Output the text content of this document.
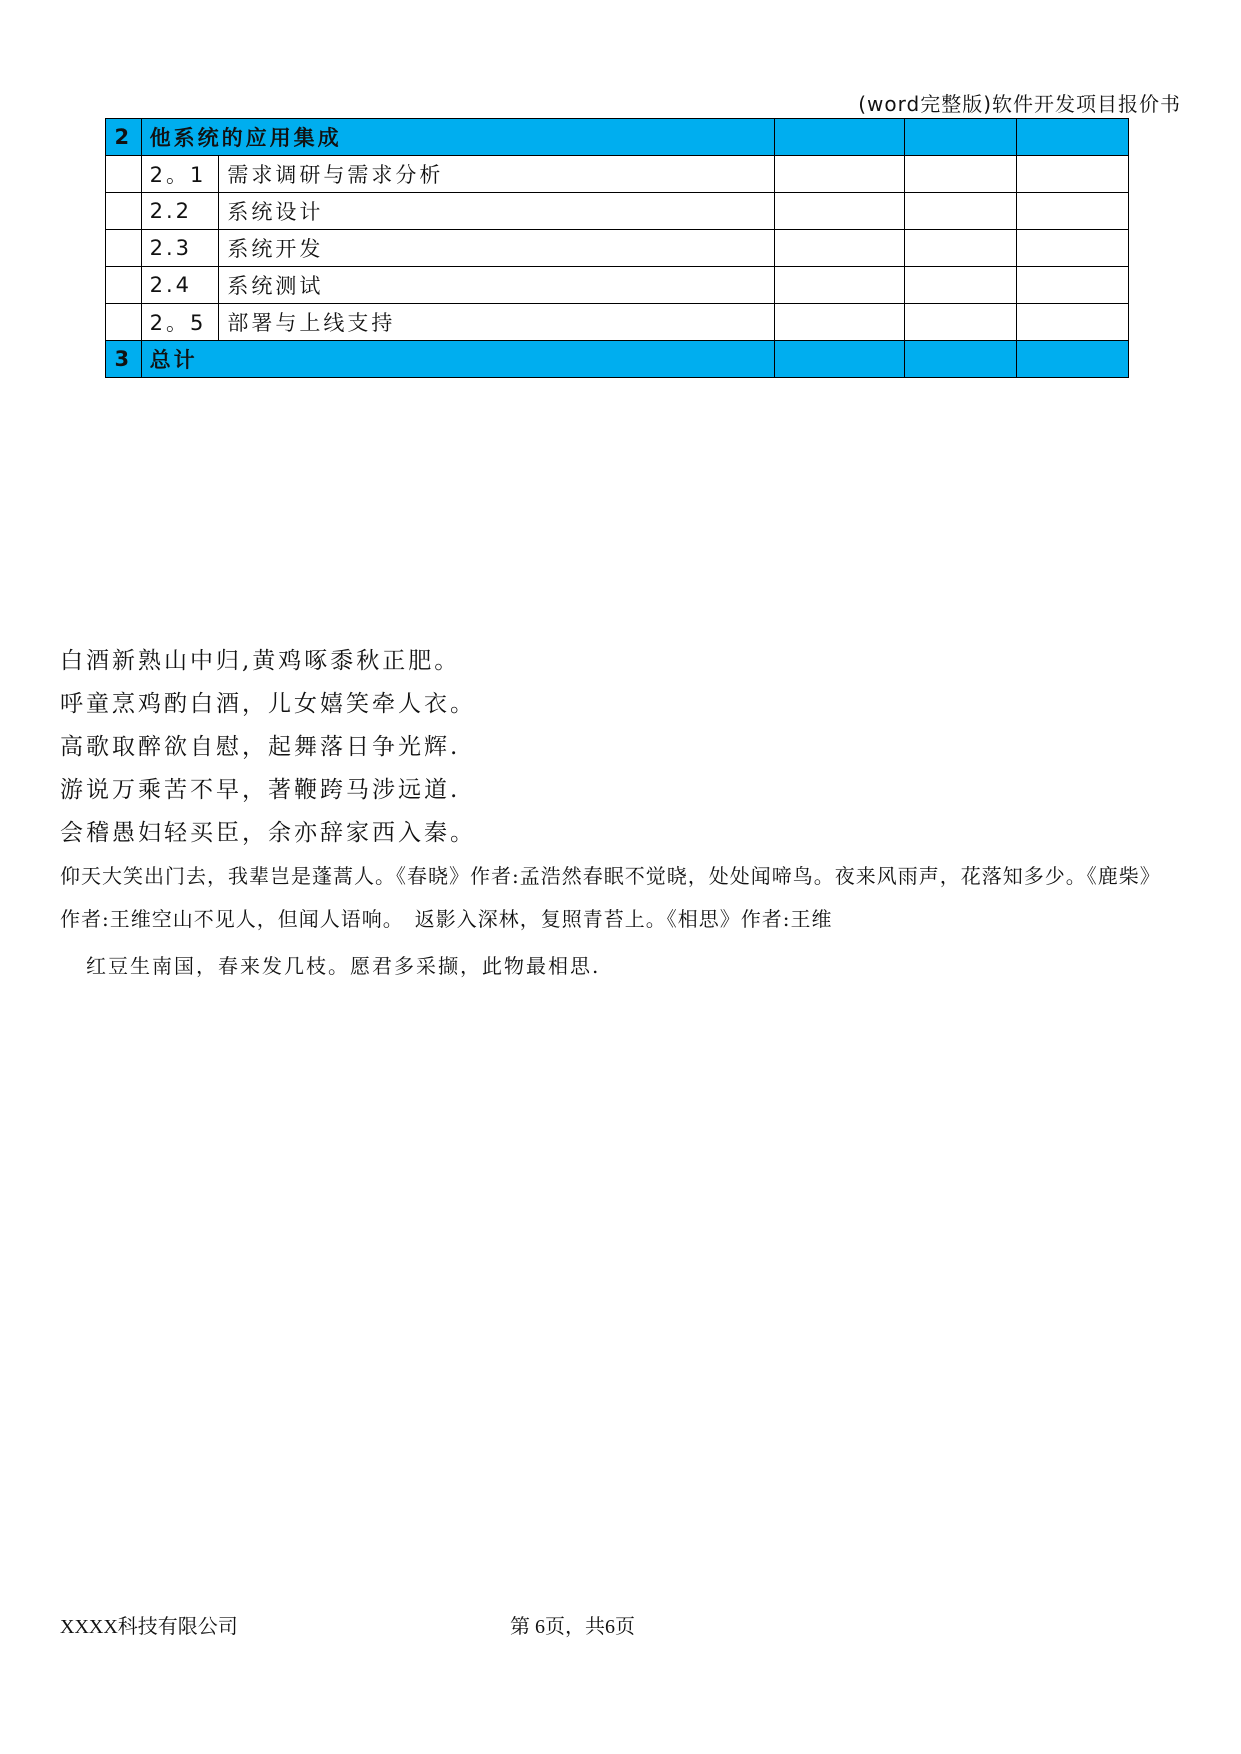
(word完整版)软件开发项目报价书
2	他系统的应用集成				
	2。1	需求调研与需求分析			
	2.2	系统设计			
	2.3	系统开发			
	2.4	系统测试			
	2。5	部署与上线支持			
3	总计				
白酒新熟山中归,黄鸡啄黍秋正肥。
呼童烹鸡酌白酒，儿女嬉笑牵人衣。
高歌取醉欲自慰，起舞落日争光辉.
游说万乘苦不早，著鞭跨马涉远道.
会稽愚妇轻买臣，余亦辞家西入秦。
仰天大笑出门去，我辈岂是蓬蒿人。《春晓》作者:孟浩然春眠不觉晓，处处闻啼鸟。夜来风雨声，花落知多少。《鹿柴》作者:王维空山不见人，但闻人语响。　返影入深林，复照青苔上。《相思》作者:王维
红豆生南国，春来发几枝。愿君多采撷，此物最相思.
XXXX科技有限公司	第 6页，共6页
